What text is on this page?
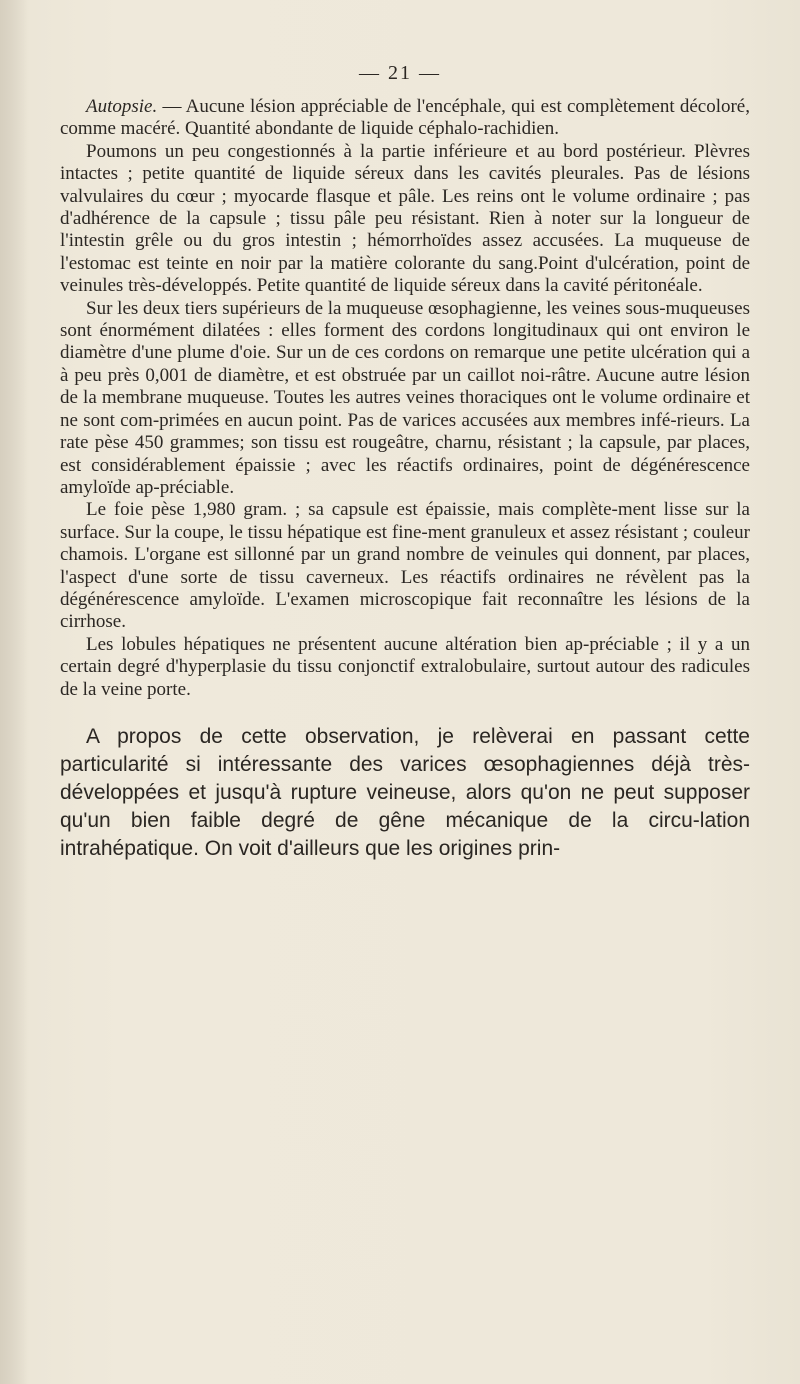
— 21 —

Autopsie. — Aucune lésion appréciable de l'encéphale, qui est complètement décoloré, comme macéré. Quantité abondante de liquide céphalo-rachidien.

Poumons un peu congestionnés à la partie inférieure et au bord postérieur. Plèvres intactes ; petite quantité de liquide séreux dans les cavités pleurales. Pas de lésions valvulaires du cœur ; myocarde flasque et pâle. Les reins ont le volume ordinaire ; pas d'adhérence de la capsule ; tissu pâle peu résistant. Rien à noter sur la longueur de l'intestin grêle ou du gros intestin ; hémorrhoïdes assez accusées. La muqueuse de l'estomac est teinte en noir par la matière colorante du sang.Point d'ulcération, point de veinules très-développés. Petite quantité de liquide séreux dans la cavité péritonéale.

Sur les deux tiers supérieurs de la muqueuse œsophagienne, les veines sous-muqueuses sont énormément dilatées : elles forment des cordons longitudinaux qui ont environ le diamètre d'une plume d'oie. Sur un de ces cordons on remarque une petite ulcération qui a à peu près 0,001 de diamètre, et est obstruée par un caillot noi-râtre. Aucune autre lésion de la membrane muqueuse. Toutes les autres veines thoraciques ont le volume ordinaire et ne sont com-primées en aucun point. Pas de varices accusées aux membres infé-rieurs. La rate pèse 450 grammes; son tissu est rougeâtre, charnu, résistant ; la capsule, par places, est considérablement épaissie ; avec les réactifs ordinaires, point de dégénérescence amyloïde ap-préciable.

Le foie pèse 1,980 gram. ; sa capsule est épaissie, mais complète-ment lisse sur la surface. Sur la coupe, le tissu hépatique est fine-ment granuleux et assez résistant ; couleur chamois. L'organe est sillonné par un grand nombre de veinules qui donnent, par places, l'aspect d'une sorte de tissu caverneux. Les réactifs ordinaires ne révèlent pas la dégénérescence amyloïde. L'examen microscopique fait reconnaître les lésions de la cirrhose.

Les lobules hépatiques ne présentent aucune altération bien ap-préciable ; il y a un certain degré d'hyperplasie du tissu conjonctif extralobulaire, surtout autour des radicules de la veine porte.

A propos de cette observation, je relèverai en passant cette particularité si intéressante des varices œsophagiennes déjà très-développées et jusqu'à rupture veineuse, alors qu'on ne peut supposer qu'un bien faible degré de gêne mécanique de la circu-lation intrahépatique. On voit d'ailleurs que les origines prin-
